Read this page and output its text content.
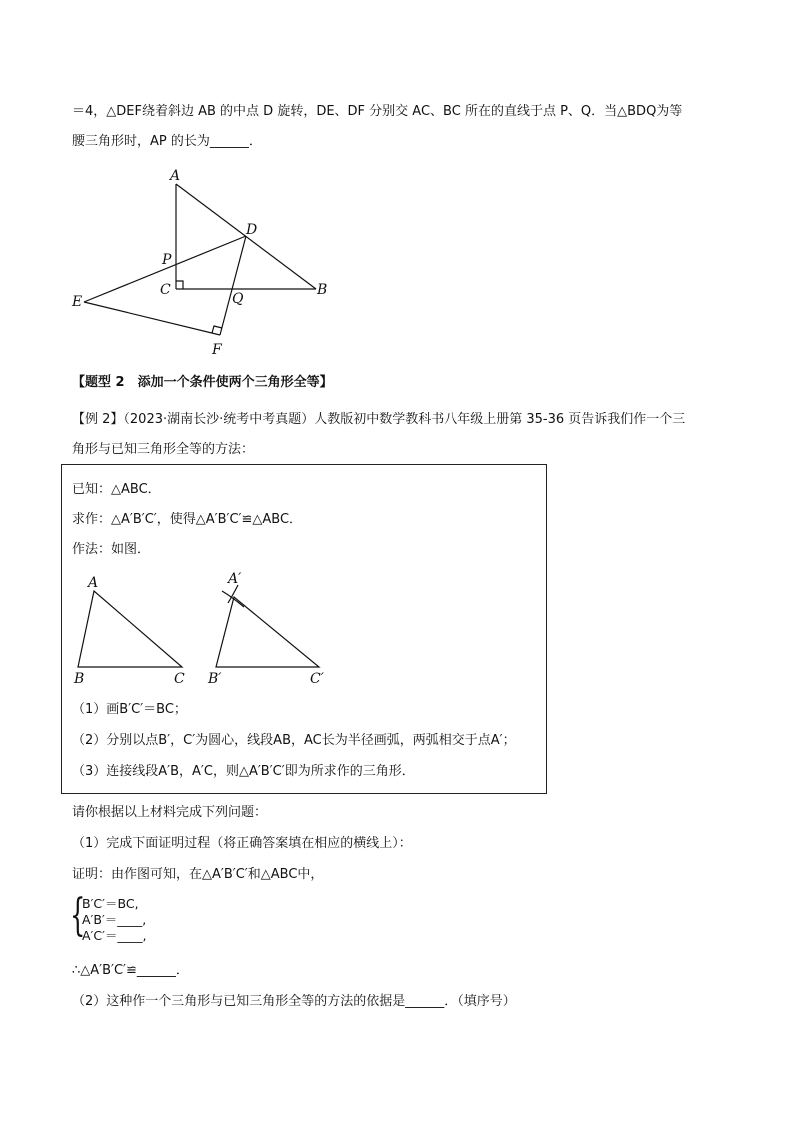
＝4，△DEF绕着斜边 AB 的中点 D 旋转，DE、DF 分别交 AC、BC 所在的直线于点 P、Q．当△BDQ为等
腰三角形时，AP 的长为______．
A
D
P
C
Q
B
E
F
【题型 2　添加一个条件使两个三角形全等】
【例 2】（2023·湖南长沙·统考中考真题）人教版初中数学教科书八年级上册第 35-36 页告诉我们作一个三
角形与已知三角形全等的方法：
已知：△ABC．
求作：△A′B′C′，使得△A′B′C′≌△ABC．
作法：如图．
A
B	C
A′
B′	C′
（1）画B′C′＝BC；
（2）分别以点B′，C′为圆心，线段AB，AC长为半径画弧，两弧相交于点A′；
（3）连接线段A′B，A′C，则△A′B′C′即为所求作的三角形．
请你根据以上材料完成下列问题：
（1）完成下面证明过程（将正确答案填在相应的横线上）：
证明：由作图可知，在△A′B′C′和△ABC中，
{
B′C′＝BC,
A′B′＝____,
A′C′＝____,
∴△A′B′C′≌______．
（2）这种作一个三角形与已知三角形全等的方法的依据是______．（填序号）
